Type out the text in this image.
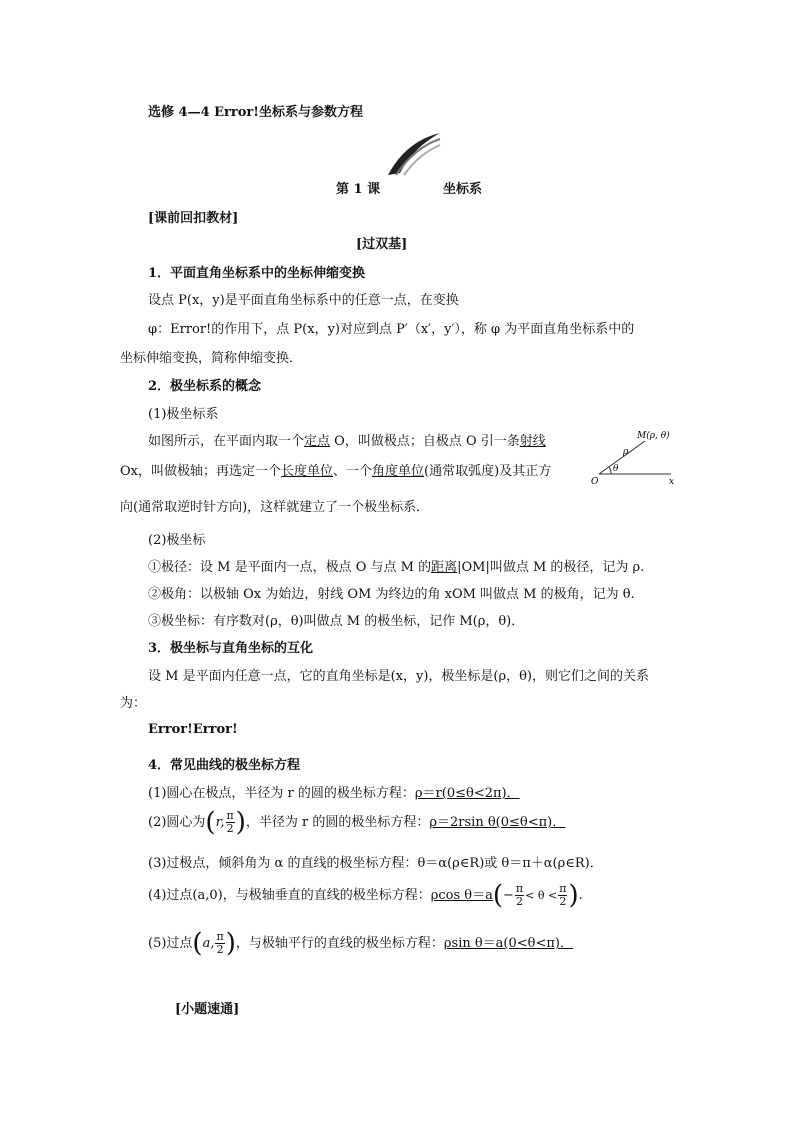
选修 4—4 Error!坐标系与参数方程
第 1 课	坐标系
[课前回扣教材]
[过双基]
1．平面直角坐标系中的坐标伸缩变换
设点 P(x，y)是平面直角坐标系中的任意一点，在变换
φ：Error!的作用下，点 P(x，y)对应到点 P′（x′，y′），称 φ 为平面直角坐标系中的
坐标伸缩变换，简称伸缩变换．
2．极坐标系的概念
(1)极坐标系
如图所示，在平面内取一个定点 O，叫做极点；自极点 O 引一条射线
Ox，叫做极轴；再选定一个长度单位、一个角度单位(通常取弧度)及其正方
向(通常取逆时针方向)，这样就建立了一个极坐标系．
M(ρ, θ)
ρ
θ
O	x
(2)极坐标
①极径：设 M 是平面内一点，极点 O 与点 M 的距离|OM|叫做点 M 的极径，记为 ρ.
②极角：以极轴 Ox 为始边，射线 OM 为终边的角 xOM 叫做点 M 的极角，记为 θ.
③极坐标：有序数对(ρ，θ)叫做点 M 的极坐标，记作 M(ρ，θ)．
3．极坐标与直角坐标的互化
设 M 是平面内任意一点，它的直角坐标是(x，y)，极坐标是(ρ，θ)，则它们之间的关系
为：
Error!Error!
4．常见曲线的极坐标方程
(1)圆心在极点，半径为 r 的圆的极坐标方程：ρ＝r(0≤θ<2π)．
(2)圆心为(r, $\frac{\pi}{2}$ )，半径为 r 的圆的极坐标方程：ρ＝2rsin θ(0≤θ<π)．
(3)过极点，倾斜角为 α 的直线的极坐标方程：θ＝α(ρ∈R)或 θ＝π＋α(ρ∈R)．
(4)过点(a,0)，与极轴垂直的直线的极坐标方程：ρcos $\theta=a(- \frac{\pi}{2} < \theta < \frac{\pi}{2}$ ).
(5)过点(a, $\frac{\pi}{2}$ )，与极轴平行的直线的极坐标方程：ρsin θ＝a(0<θ<π)．
[小题速通]
